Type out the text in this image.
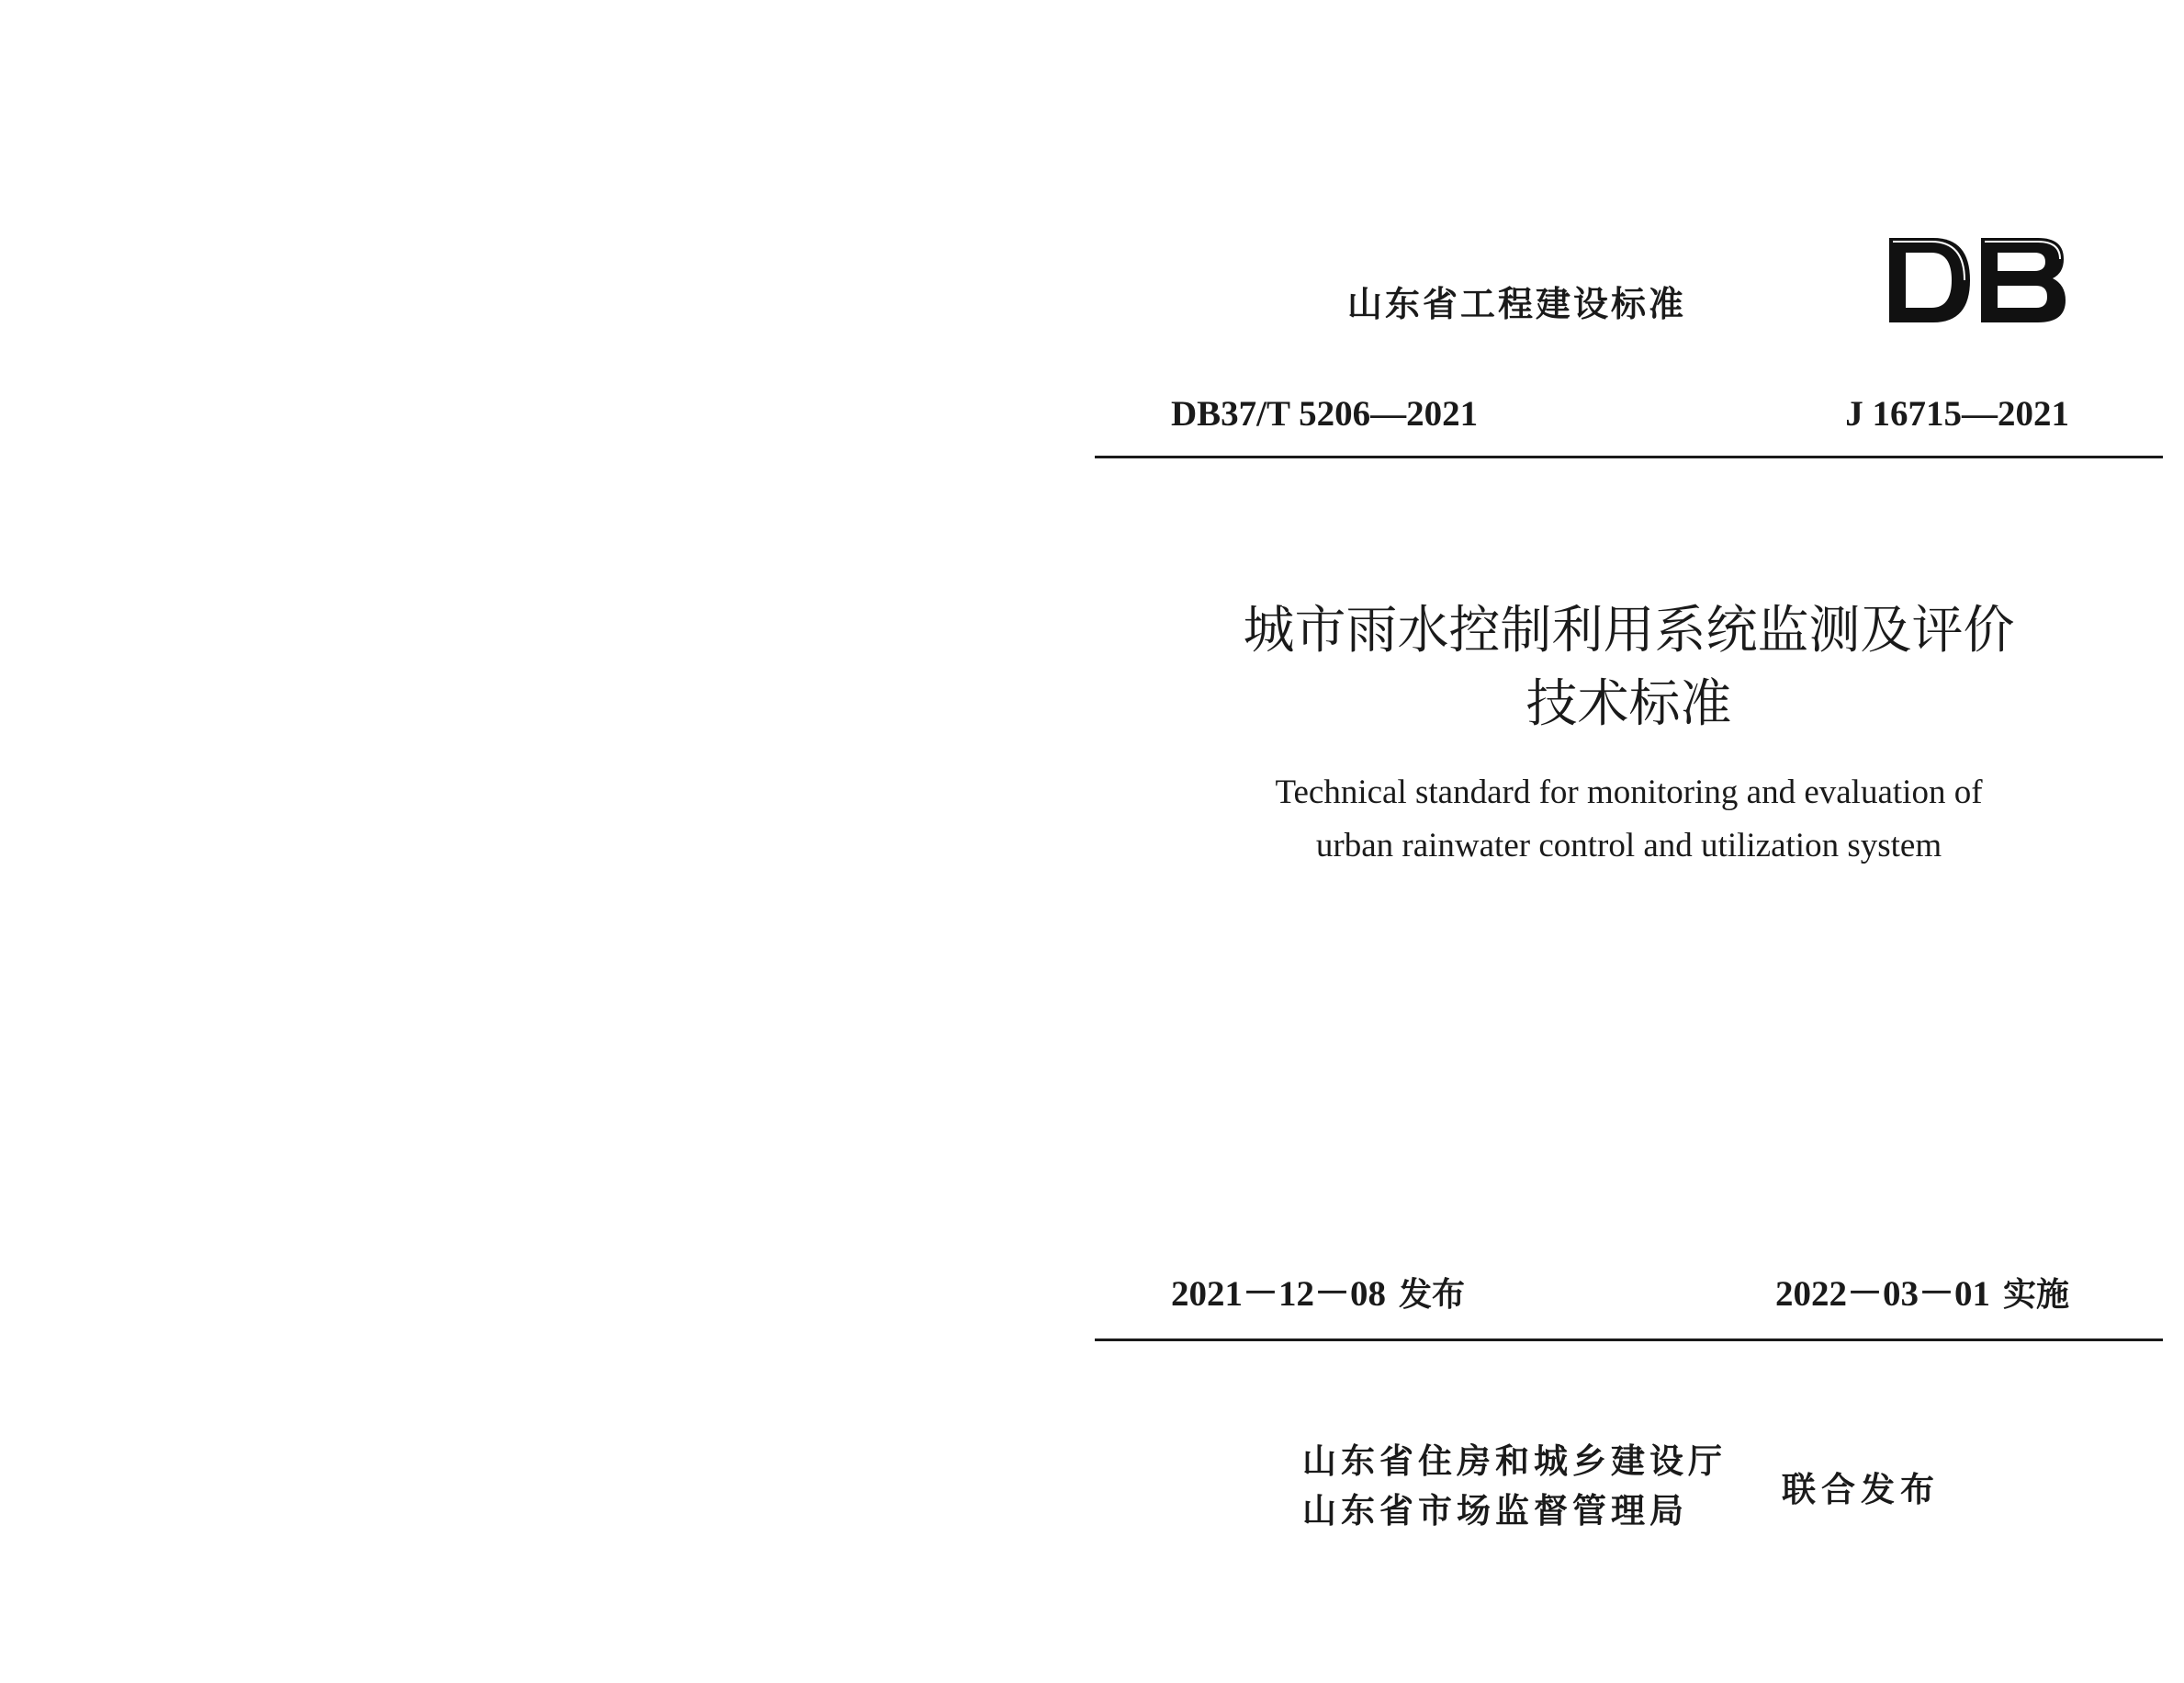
山东省工程建设标准
DB37/T 5206—2021	J 16715—2021
城市雨水控制利用系统监测及评价
技术标准
Technical standard for monitoring and evaluation of
urban rainwater control and utilization system
2021－12－08 发布	2022－03－01 实施
山东省住房和城乡建设厅
山东省市场监督管理局
联合发布
